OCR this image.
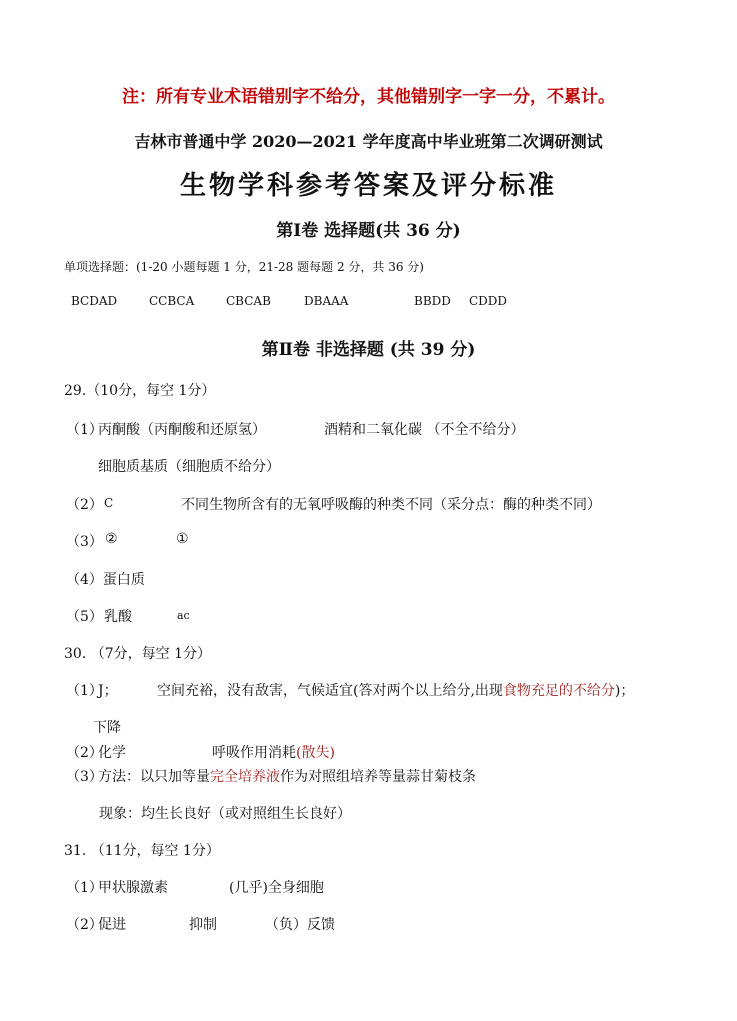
注：所有专业术语错别字不给分，其他错别字一字一分，不累计。
吉林市普通中学 2020—2021 学年度高中毕业班第二次调研测试
生物学科参考答案及评分标准
第Ⅰ卷 选择题(共 36 分)
单项选择题：(1-20 小题每题 1 分，21-28 题每题 2 分，共 36 分)
BCDAD	CCBCA	CBCAB	DBAAA	BBDD CDDD
第Ⅱ卷 非选择题 (共 39 分)
29.（10分，每空 1分）
（1）
丙酮酸（丙酮酸和还原氢）	酒精和二氧化碳 （不全不给分）
细胞质基质（细胞质不给分）
（2） C	不同生物所含有的无氧呼吸酶的种类不同（采分点：酶的种类不同）
（3） ②	①
（4）蛋白质
（5） 乳酸	ac
30. （7分，每空 1分）
（1）
J；	空间充裕，没有敌害，气候适宜(答对两个以上给分,出现食物充足的不给分)；
下降
（2）
化学	呼吸作用消耗(散失)
（3）
方法：以只加等量完全培养液作为对照组培养等量蒜甘菊枝条
现象：均生长良好（或对照组生长良好）
31. （11分，每空 1分）
（1）
甲状腺激素	(几乎)全身细胞
（2）
促进	抑制	（负）反馈
